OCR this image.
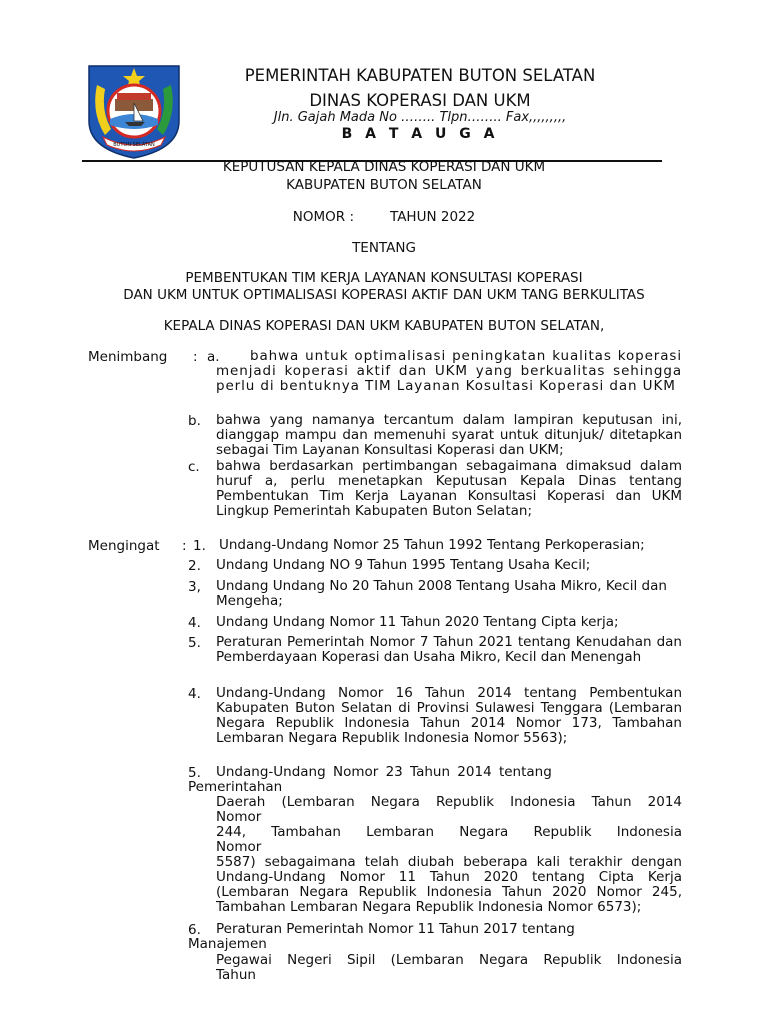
BUTON SELATAN
PEMERINTAH KABUPATEN BUTON SELATAN
DINAS KOPERASI DAN UKM
Jln. Gajah Mada No …….. Tlpn…….. Fax,,,,,,,,,
B A T A U G A
KEPUTUSAN KEPALA DINAS KOPERASI DAN UKM
KABUPATEN BUTON SELATAN
NOMOR :	TAHUN 2022
TENTANG
PEMBENTUKAN TIM KERJA LAYANAN KONSULTASI KOPERASI
DAN UKM UNTUK OPTIMALISASI KOPERASI AKTIF DAN UKM TANG BERKULITAS
KEPALA DINAS KOPERASI DAN UKM KABUPATEN BUTON SELATAN,
Menimbang : a.	bahwa untuk optimalisasi peningkatan kualitas koperasi menjadi koperasi aktif dan UKM yang berkualitas sehingga perlu di bentuknya TIM Layanan Kosultasi Koperasi dan UKM
b. bahwa yang namanya tercantum dalam lampiran keputusan ini, dianggap mampu dan memenuhi syarat untuk ditunjuk/ ditetapkan sebagai Tim Layanan Konsultasi Koperasi dan UKM;
c. bahwa berdasarkan pertimbangan sebagaimana dimaksud dalam huruf a, perlu menetapkan Keputusan Kepala Dinas tentang Pembentukan Tim Kerja Layanan Konsultasi Koperasi dan UKM Lingkup Pemerintah Kabupaten Buton Selatan;
Mengingat : 1. Undang-Undang Nomor 25 Tahun 1992 Tentang Perkoperasian;
2. Undang Undang NO 9 Tahun 1995 Tentang Usaha Kecil;
3, Undang Undang No 20 Tahun 2008 Tentang Usaha Mikro, Kecil dan Mengeha;
4. Undang Undang Nomor 11 Tahun 2020 Tentang Cipta kerja;
5. Peraturan Pemerintah Nomor 7 Tahun 2021 tentang Kenudahan dan Pemberdayaan Koperasi dan Usaha Mikro, Kecil dan Menengah
4. Undang-Undang Nomor 16 Tahun 2014 tentang Pembentukan Kabupaten Buton Selatan di Provinsi Sulawesi Tenggara (Lembaran Negara Republik Indonesia Tahun 2014 Nomor 173, Tambahan Lembaran Negara Republik Indonesia Nomor 5563);
5. Undang-Undang Nomor 23 Tahun 2014 tentang
Pemerintahan
Daerah (Lembaran Negara Republik Indonesia Tahun 2014
Nomor
244, Tambahan Lembaran Negara Republik Indonesia
Nomor
5587) sebagaimana telah diubah beberapa kali terakhir dengan Undang-Undang Nomor 11 Tahun 2020 tentang Cipta Kerja (Lembaran Negara Republik Indonesia Tahun 2020 Nomor 245, Tambahan Lembaran Negara Republik Indonesia Nomor 6573);
6. Peraturan Pemerintah Nomor 11 Tahun 2017 tentang
Manajemen
Pegawai Negeri Sipil (Lembaran Negara Republik Indonesia
Tahun
